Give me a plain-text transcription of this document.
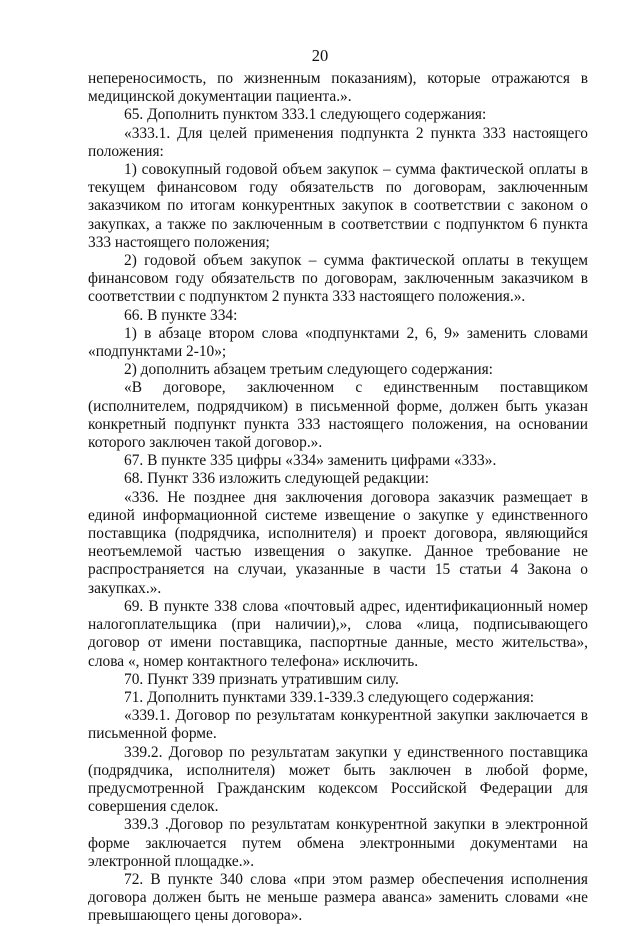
20

непереносимость, по жизненным показаниям), которые отражаются в медицинской документации пациента.».

65. Дополнить пунктом 333.1 следующего содержания:

«333.1. Для целей применения подпункта 2 пункта 333 настоящего положения:

1) совокупный годовой объем закупок – сумма фактической оплаты в текущем финансовом году обязательств по договорам, заключенным заказчиком по итогам конкурентных закупок в соответствии с законом о закупках, а также по заключенным в соответствии с подпунктом 6 пункта 333 настоящего положения;

2) годовой объем закупок – сумма фактической оплаты в текущем финансовом году обязательств по договорам, заключенным заказчиком в соответствии с подпунктом 2 пункта 333 настоящего положения.».

66. В пункте 334:

1) в абзаце втором слова «подпунктами 2, 6, 9» заменить словами «подпунктами 2-10»;

2) дополнить абзацем третьим следующего содержания:

«В договоре, заключенном с единственным поставщиком (исполнителем, подрядчиком) в письменной форме, должен быть указан конкретный подпункт пункта 333 настоящего положения, на основании которого заключен такой договор.».

67. В пункте 335 цифры «334» заменить цифрами «333».

68. Пункт 336 изложить следующей редакции:

«336. Не позднее дня заключения договора заказчик размещает в единой информационной системе извещение о закупке у единственного поставщика (подрядчика, исполнителя) и проект договора, являющийся неотъемлемой частью извещения о закупке. Данное требование не распространяется на случаи, указанные в части 15 статьи 4 Закона о закупках.».

69. В пункте 338 слова «почтовый адрес, идентификационный номер налогоплательщика (при наличии),», слова «лица, подписывающего договор от имени поставщика, паспортные данные, место жительства», слова «, номер контактного телефона» исключить.

70. Пункт 339 признать утратившим силу.

71. Дополнить пунктами 339.1-339.3 следующего содержания:

«339.1. Договор по результатам конкурентной закупки заключается в письменной форме.

339.2. Договор по результатам закупки у единственного поставщика (подрядчика, исполнителя) может быть заключен в любой форме, предусмотренной Гражданским кодексом Российской Федерации для совершения сделок.

339.3 .Договор по результатам конкурентной закупки в электронной форме заключается путем обмена электронными документами на электронной площадке.».

72. В пункте 340 слова «при этом размер обеспечения исполнения договора должен быть не меньше размера аванса» заменить словами «не превышающего цены договора».
